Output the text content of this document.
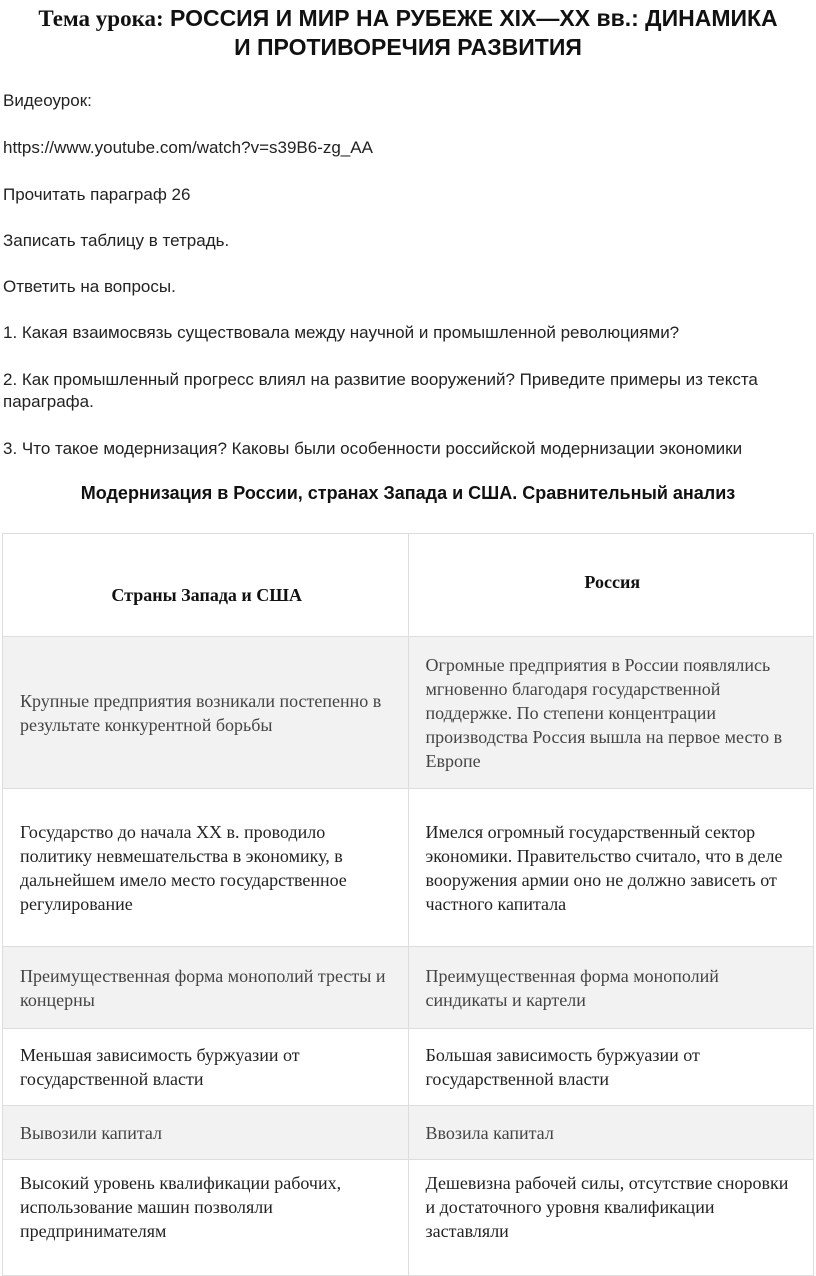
Тема урока: РОССИЯ И МИР НА РУБЕЖЕ XIX—XX вв.: ДИНАМИКА
И ПРОТИВОРЕЧИЯ РАЗВИТИЯ

Видеоурок:

https://www.youtube.com/watch?v=s39B6-zg_AA

Прочитать параграф 26

Записать таблицу в тетрадь.

Ответить на вопросы.

1. Какая взаимосвязь существовала между научной и промышленной революциями?

2. Как промышленный прогресс влиял на развитие вооружений? Приведите примеры из текста параграфа.

3. Что такое модернизация? Каковы были особенности российской модернизации экономики

Модернизация в России, странах Запада и США. Сравнительный анализ
Страны Запада и США	Россия
Крупные предприятия возникали постепенно в результате конкурентной борьбы	Огромные предприятия в России появлялись мгновенно благодаря государственной поддержке. По степени концентрации производства Россия вышла на первое место в Европе
Государство до начала XX в. проводило политику невмешательства в экономику, в дальнейшем имело место государственное регулирование	Имелся огромный государственный сектор экономики. Правительство считало, что в деле вооружения армии оно не должно зависеть от частного капитала
Преимущественная форма монополий тресты и концерны	Преимущественная форма монополий синдикаты и картели
Меньшая зависимость буржуазии от государственной власти	Большая зависимость буржуазии от государственной власти
Вывозили капитал	Ввозила капитал
Высокий уровень квалификации рабочих, использование машин позволяли предпринимателям	Дешевизна рабочей силы, отсутствие сноровки и достаточного уровня квалификации заставляли
